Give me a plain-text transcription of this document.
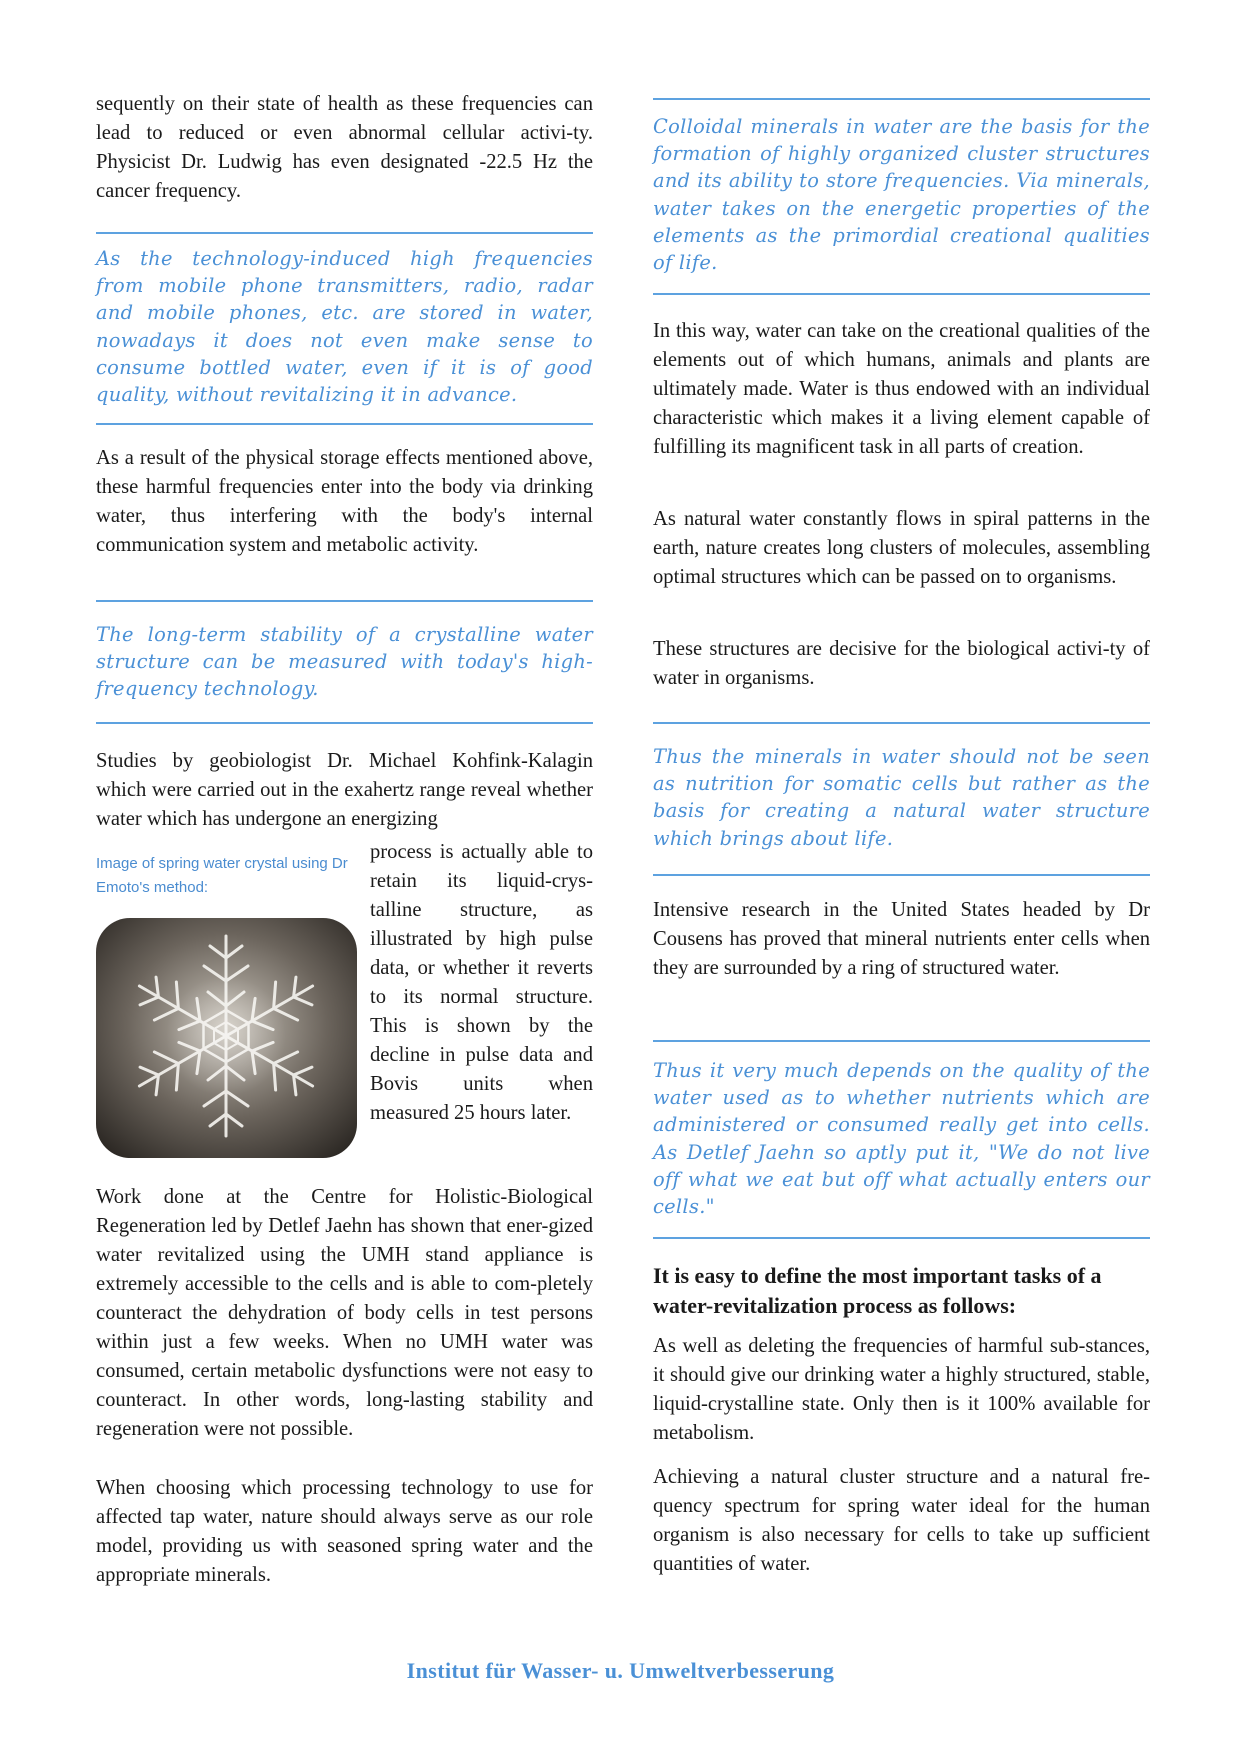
sequently on their state of health as these frequencies can lead to reduced or even abnormal cellular activi-ty. Physicist Dr. Ludwig has even designated -22.5 Hz the cancer frequency.

As the technology-induced high frequencies from mobile phone transmitters, radio, radar and mobile phones, etc. are stored in water, nowadays it does not even make sense to consume bottled water, even if it is of good quality, without revitalizing it in advance.

As a result of the physical storage effects mentioned above, these harmful frequencies enter into the body via drinking water, thus interfering with the body's internal communication system and metabolic activity.

The long-term stability of a crystalline water structure can be measured with today's high-frequency technology.

Studies by geobiologist Dr. Michael Kohfink-Kalagin which were carried out in the exahertz range reveal whether water which has undergone an energizing

Image of spring water crystal using Dr Emoto's method:

process is actually able to retain its liquid-crys-talline structure, as illustrated by high pulse data, or whether it reverts to its normal structure. This is shown by the decline in pulse data and Bovis units when measured 25 hours later.

Work done at the Centre for Holistic-Biological Regeneration led by Detlef Jaehn has shown that ener-gized water revitalized using the UMH stand appliance is extremely accessible to the cells and is able to com-pletely counteract the dehydration of body cells in test persons within just a few weeks. When no UMH water was consumed, certain metabolic dysfunctions were not easy to counteract. In other words, long-lasting stability and regeneration were not possible.

When choosing which processing technology to use for affected tap water, nature should always serve as our role model, providing us with seasoned spring water and the appropriate minerals.

Colloidal minerals in water are the basis for the formation of highly organized cluster structures and its ability to store frequencies. Via minerals, water takes on the energetic properties of the elements as the primordial creational qualities of life.

In this way, water can take on the creational qualities of the elements out of which humans, animals and plants are ultimately made. Water is thus endowed with an individual characteristic which makes it a living element capable of fulfilling its magnificent task in all parts of creation.

As natural water constantly flows in spiral patterns in the earth, nature creates long clusters of molecules, assembling optimal structures which can be passed on to organisms.

These structures are decisive for the biological activi-ty of water in organisms.

Thus the minerals in water should not be seen as nutrition for somatic cells but rather as the basis for creating a natural water structure which brings about life.

Intensive research in the United States headed by Dr Cousens has proved that mineral nutrients enter cells when they are surrounded by a ring of structured water.

Thus it very much depends on the quality of the water used as to whether nutrients which are administered or consumed really get into cells. As Detlef Jaehn so aptly put it, "We do not live off what we eat but off what actually enters our cells."

It is easy to define the most important tasks of a water-revitalization process as follows:

As well as deleting the frequencies of harmful sub-stances, it should give our drinking water a highly structured, stable, liquid-crystalline state. Only then is it 100% available for metabolism.

Achieving a natural cluster structure and a natural fre-quency spectrum for spring water ideal for the human organism is also necessary for cells to take up sufficient quantities of water.

Institut für Wasser- u. Umweltverbesserung
